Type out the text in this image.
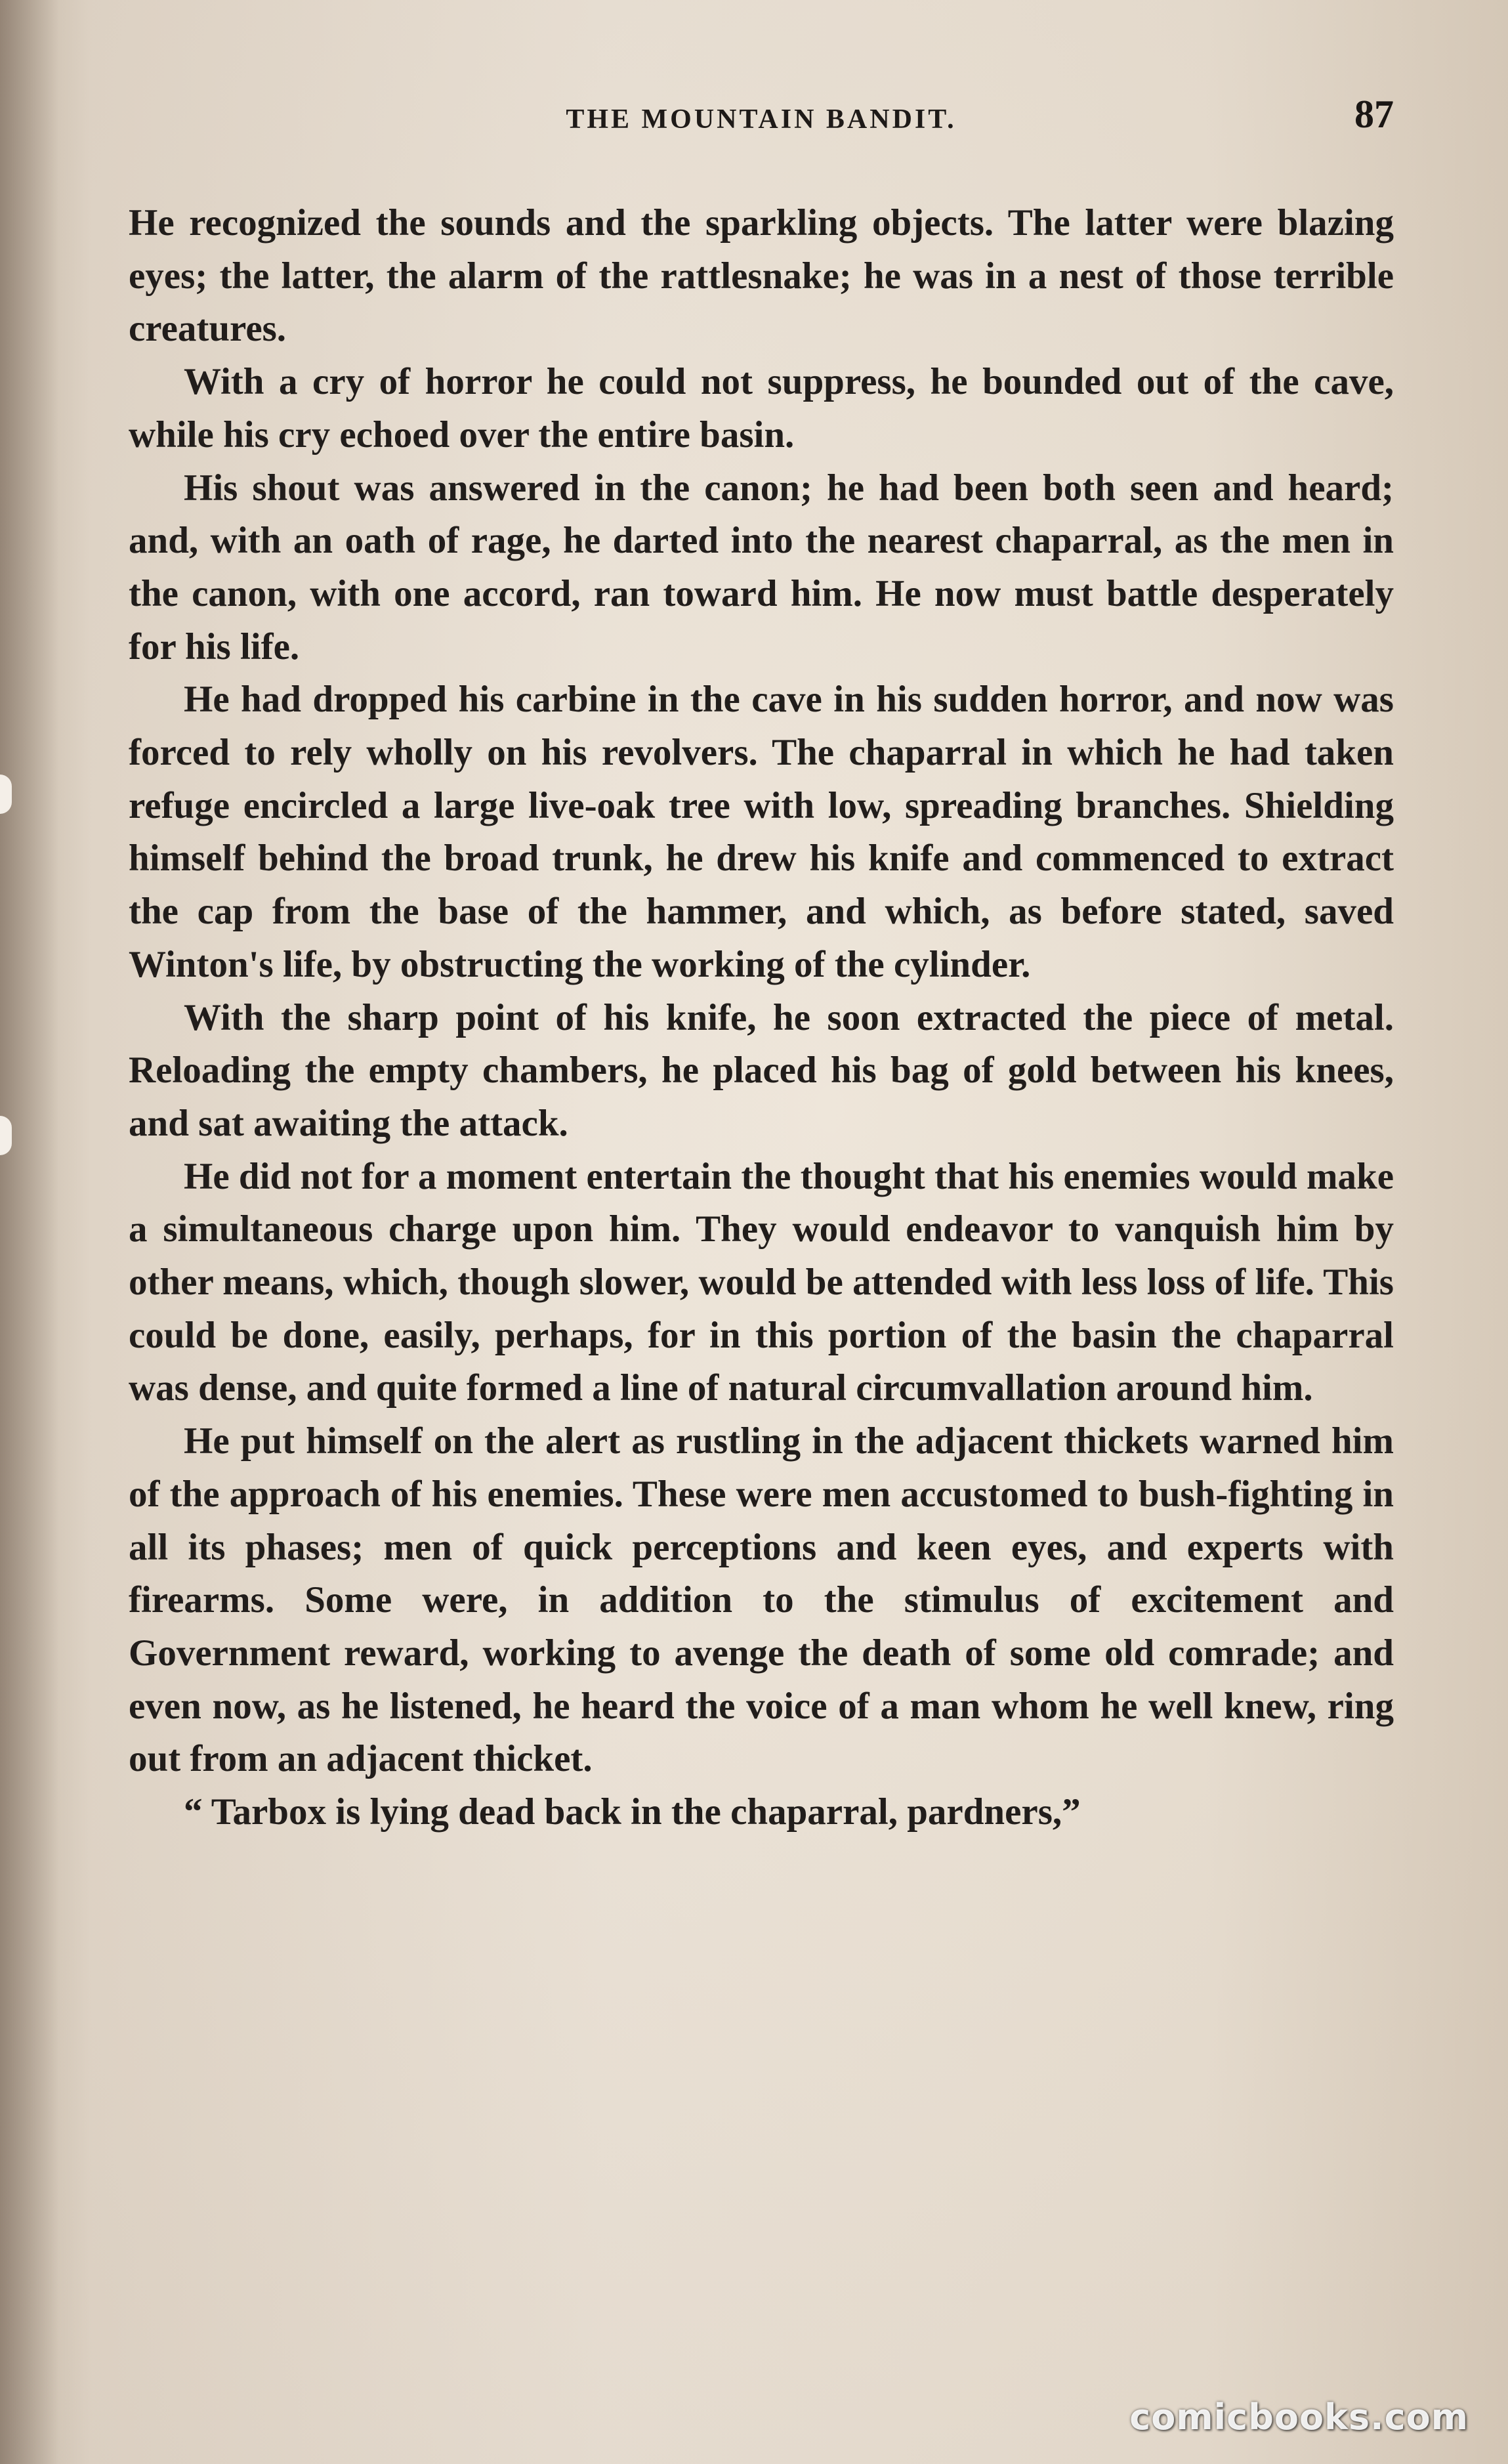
THE MOUNTAIN BANDIT.	87

He recognized the sounds and the sparkling objects. The latter were blazing eyes; the latter, the alarm of the rattlesnake; he was in a nest of those terrible creatures.

With a cry of horror he could not suppress, he bounded out of the cave, while his cry echoed over the entire basin.

His shout was answered in the canon; he had been both seen and heard; and, with an oath of rage, he darted into the nearest chaparral, as the men in the canon, with one accord, ran toward him. He now must battle desperately for his life.

He had dropped his carbine in the cave in his sudden horror, and now was forced to rely wholly on his revolvers. The chaparral in which he had taken refuge encircled a large live-oak tree with low, spreading branches. Shielding himself behind the broad trunk, he drew his knife and commenced to extract the cap from the base of the hammer, and which, as before stated, saved Winton's life, by obstructing the working of the cylinder.

With the sharp point of his knife, he soon extracted the piece of metal. Reloading the empty chambers, he placed his bag of gold between his knees, and sat awaiting the attack.

He did not for a moment entertain the thought that his enemies would make a simultaneous charge upon him. They would endeavor to vanquish him by other means, which, though slower, would be attended with less loss of life. This could be done, easily, perhaps, for in this portion of the basin the chaparral was dense, and quite formed a line of natural circumvallation around him.

He put himself on the alert as rustling in the adjacent thickets warned him of the approach of his enemies. These were men accustomed to bush-fighting in all its phases; men of quick perceptions and keen eyes, and experts with firearms. Some were, in addition to the stimulus of excitement and Government reward, working to avenge the death of some old comrade; and even now, as he listened, he heard the voice of a man whom he well knew, ring out from an adjacent thicket.

“ Tarbox is lying dead back in the chaparral, pardners,”

comicbooks.com
